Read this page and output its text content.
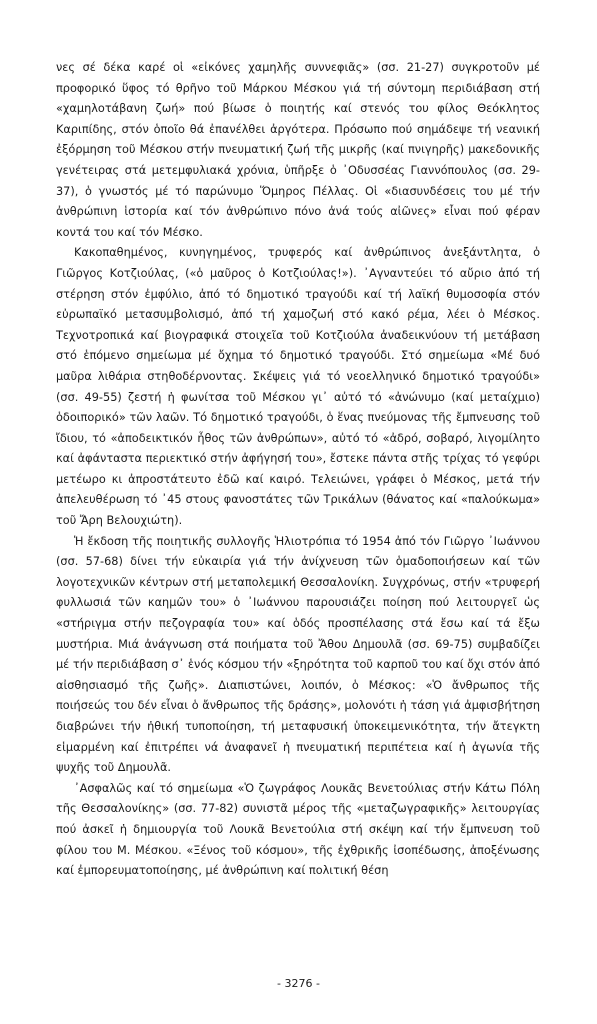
νες σέ δέκα καρέ οἱ «εἰκόνες χαμηλῆς συννεφιᾶς» (σσ. 21-27) συγκροτοῦν μέ προφορικό ὕφος τό θρῆνο τοῦ Μάρκου Μέσκου γιά τή σύντομη περιδιάβαση στή «χαμηλοτάβανη ζωή» πού βίωσε ὁ ποιητής καί στενός του φίλος Θεόκλητος Καριπίδης, στόν ὁποῖο θά ἐπανέλθει ἀργότερα. Πρόσωπο πού σημάδεψε τή νεανική ἐξόρμηση τοῦ Μέσκου στήν πνευματική ζωή τῆς μικρῆς (καί πνιγηρῆς) μακεδονικῆς γενέτειρας στά μετεμφυλιακά χρόνια, ὑπῆρξε ὁ ᾿Οδυσσέας Γιαννόπουλος (σσ. 29-37), ὁ γνωστός μέ τό παρώνυμο Ὅμηρος Πέλλας. Οἱ «διασυνδέσεις του μέ τήν ἀνθρώπινη ἱστορία καί τόν ἀνθρώπινο πόνο ἀνά τούς αἰῶνες» εἶναι πού φέραν κοντά του καί τόν Μέσκο.

Κακοπαθημένος, κυνηγημένος, τρυφερός καί ἀνθρώπινος ἀνεξάντλητα, ὁ Γιῶργος Κοτζιούλας, («ὁ μαῦρος ὁ Κοτζιούλας!»). ᾿Αγναντεύει τό αὔριο ἀπό τή στέρηση στόν ἐμφύλιο, ἀπό τό δημοτικό τραγούδι καί τή λαϊκή θυμοσοφία στόν εὐρωπαϊκό μετασυμβολισμό, ἀπό τή χαμοζωή στό κακό ρέμα, λέει ὁ Μέσκος. Τεχνοτροπικά καί βιογραφικά στοιχεῖα τοῦ Κοτζιούλα ἀναδεικνύουν τή μετάβαση στό ἑπόμενο σημείωμα μέ ὄχημα τό δημοτικό τραγούδι. Στό σημείωμα «Μέ δυό μαῦρα λιθάρια στηθοδέρνοντας. Σκέψεις γιά τό νεοελληνικό δημοτικό τραγούδι» (σσ. 49-55) ζεστή ἡ φωνίτσα τοῦ Μέσκου γι᾿ αὐτό τό «ἀνώνυμο (καί μεταίχμιο) ὁδοιπορικό» τῶν λαῶν. Τό δημοτικό τραγούδι, ὁ ἕνας πνεύμονας τῆς ἔμπνευσης τοῦ ἴδιου, τό «ἀποδεικτικόν ἦθος τῶν ἀνθρώπων», αὐτό τό «ἀδρό, σοβαρό, λιγομίλητο καί ἀφάνταστα περιεκτικό στήν ἀφήγησή του», ἔστεκε πάντα στῆς τρίχας τό γεφύρι μετέωρο κι ἀπροστάτευτο ἐδῶ καί καιρό. Τελειώνει, γράφει ὁ Μέσκος, μετά τήν ἀπελευθέρωση τό ᾿45 στους φανοστάτες τῶν Τρικάλων (θάνατος καί «παλούκωμα» τοῦ Ἄρη Βελουχιώτη).

Ἡ ἔκδοση τῆς ποιητικῆς συλλογῆς Ἡλιοτρόπια τό 1954 ἀπό τόν Γιῶργο ᾿Ιωάννου (σσ. 57-68) δίνει τήν εὐκαιρία γιά τήν ἀνίχνευση τῶν ὁμαδοποιήσεων καί τῶν λογοτεχνικῶν κέντρων στή μεταπολεμική Θεσσαλονίκη. Συγχρόνως, στήν «τρυφερή φυλλωσιά τῶν καημῶν του» ὁ ᾿Ιωάννου παρουσιάζει ποίηση πού λειτουργεῖ ὡς «στήριγμα στήν πεζογραφία του» καί ὁδός προσπέλασης στά ἔσω καί τά ἔξω μυστήρια. Μιά ἀνάγνωση στά ποιήματα τοῦ Ἄθου Δημουλᾶ (σσ. 69-75) συμβαδίζει μέ τήν περιδιάβαση σ᾿ ἑνός κόσμου τήν «ξηρότητα τοῦ καρποῦ του καί ὄχι στόν ἀπό αἰσθησιασμό τῆς ζωῆς». Διαπιστώνει, λοιπόν, ὁ Μέσκος: «Ὁ ἄνθρωπος τῆς ποιήσεώς του δέν εἶναι ὁ ἄνθρωπος τῆς δράσης», μολονότι ἡ τάση γιά ἀμφισβήτηση διαβρώνει τήν ἠθική τυποποίηση, τή μεταφυσική ὑποκειμενικότητα, τήν ἄτεγκτη εἱμαρμένη καί ἐπιτρέπει νά ἀναφανεῖ ἡ πνευματική περιπέτεια καί ἡ ἀγωνία τῆς ψυχῆς τοῦ Δημουλᾶ.

᾿Ασφαλῶς καί τό σημείωμα «Ὁ ζωγράφος Λουκᾶς Βενετούλιας στήν Κάτω Πόλη τῆς Θεσσαλονίκης» (σσ. 77-82) συνιστᾶ μέρος τῆς «μεταζωγραφικῆς» λειτουργίας πού ἀσκεῖ ἡ δημιουργία τοῦ Λουκᾶ Βενετούλια στή σκέψη καί τήν ἔμπνευση τοῦ φίλου του Μ. Μέσκου. «Ξένος τοῦ κόσμου», τῆς ἐχθρικῆς ἰσοπέδωσης, ἀποξένωσης καί ἐμπορευματοποίησης, μέ ἀνθρώπινη καί πολιτική θέση

- 3276 -
